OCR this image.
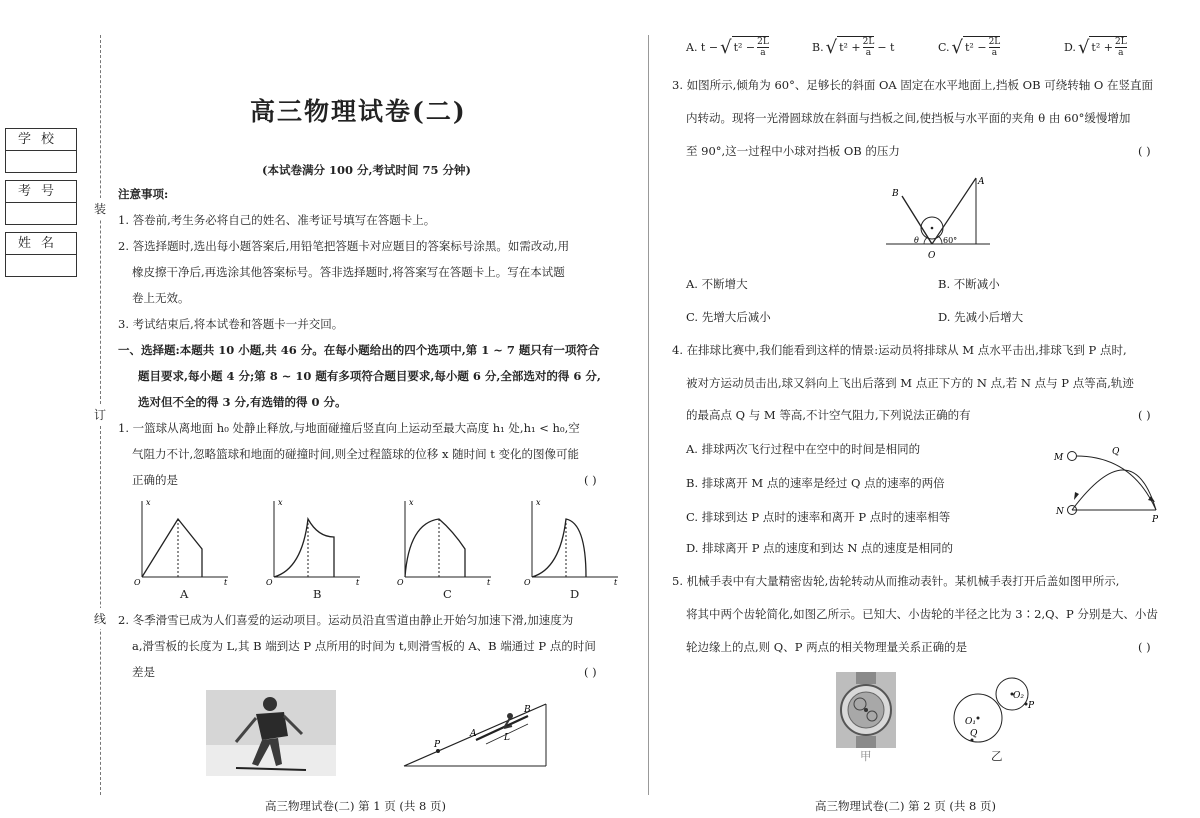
学校
考号
姓名
装
订
线
高三物理试卷(二)
(本试卷满分 100 分,考试时间 75 分钟)
注意事项:
1. 答卷前,考生务必将自己的姓名、准考证号填写在答题卡上。
2. 答选择题时,选出每小题答案后,用铅笔把答题卡对应题目的答案标号涂黑。如需改动,用
橡皮擦干净后,再选涂其他答案标号。答非选择题时,将答案写在答题卡上。写在本试题
卷上无效。
3. 考试结束后,将本试卷和答题卡一并交回。
一、选择题:本题共 10 小题,共 46 分。在每小题给出的四个选项中,第 1 ~ 7 题只有一项符合
题目要求,每小题 4 分;第 8 ~ 10 题有多项符合题目要求,每小题 6 分,全部选对的得 6 分,
选对但不全的得 3 分,有选错的得 0 分。
1. 一篮球从离地面 h₀ 处静止释放,与地面碰撞后竖直向上运动至最大高度 h₁ 处,h₁ < h₀,空
气阻力不计,忽略篮球和地面的碰撞时间,则全过程篮球的位移 x 随时间 t 变化的图像可能
正确的是	( )
x
t
O
x
t
O
x
t
O
x
t
O
A	B	C	D
2. 冬季滑雪已成为人们喜爱的运动项目。运动员沿直雪道由静止开始匀加速下滑,加速度为
a,滑雪板的长度为 L,其 B 端到达 P 点所用的时间为 t,则滑雪板的 A、B 端通过 P 点的时间
差是	( )
P
A
B
L
高三物理试卷(二) 第 1 页 (共 8 页)
A. t − √ $t^2 - \frac{2L}{a}$	B. √ $t^2 + \frac{2L}{a} - t$	C. √ $t^2 - \frac{2L}{a}$	D. √ $t^2 + \frac{2L}{a}$
3. 如图所示,倾角为 60°、足够长的斜面 OA 固定在水平地面上,挡板 OB 可绕转轴 O 在竖直面
内转动。现将一光滑圆球放在斜面与挡板之间,使挡板与水平面的夹角 θ 由 60°缓慢增加
至 90°,这一过程中小球对挡板 OB 的压力	( )
B
A
O
θ	60°
A. 不断增大	B. 不断减小
C. 先增大后减小	D. 先减小后增大
4. 在排球比赛中,我们能看到这样的情景:运动员将排球从 M 点水平击出,排球飞到 P 点时,
被对方运动员击出,球又斜向上飞出后落到 M 点正下方的 N 点,若 N 点与 P 点等高,轨迹
的最高点 Q 与 M 等高,不计空气阻力,下列说法正确的有	( )
A. 排球两次飞行过程中在空中的时间是相同的
B. 排球离开 M 点的速率是经过 Q 点的速率的两倍
C. 排球到达 P 点时的速率和离开 P 点时的速率相等
D. 排球离开 P 点的速度和到达 N 点的速度是相同的
M
Q
N
P
5. 机械手表中有大量精密齿轮,齿轮转动从而推动表针。某机械手表打开后盖如图甲所示,
将其中两个齿轮简化,如图乙所示。已知大、小齿轮的半径之比为 3∶2,Q、P 分别是大、小齿
轮边缘上的点,则 Q、P 两点的相关物理量关系正确的是	( )
甲
O₁
O₂
Q
P
乙
高三物理试卷(二) 第 2 页 (共 8 页)
